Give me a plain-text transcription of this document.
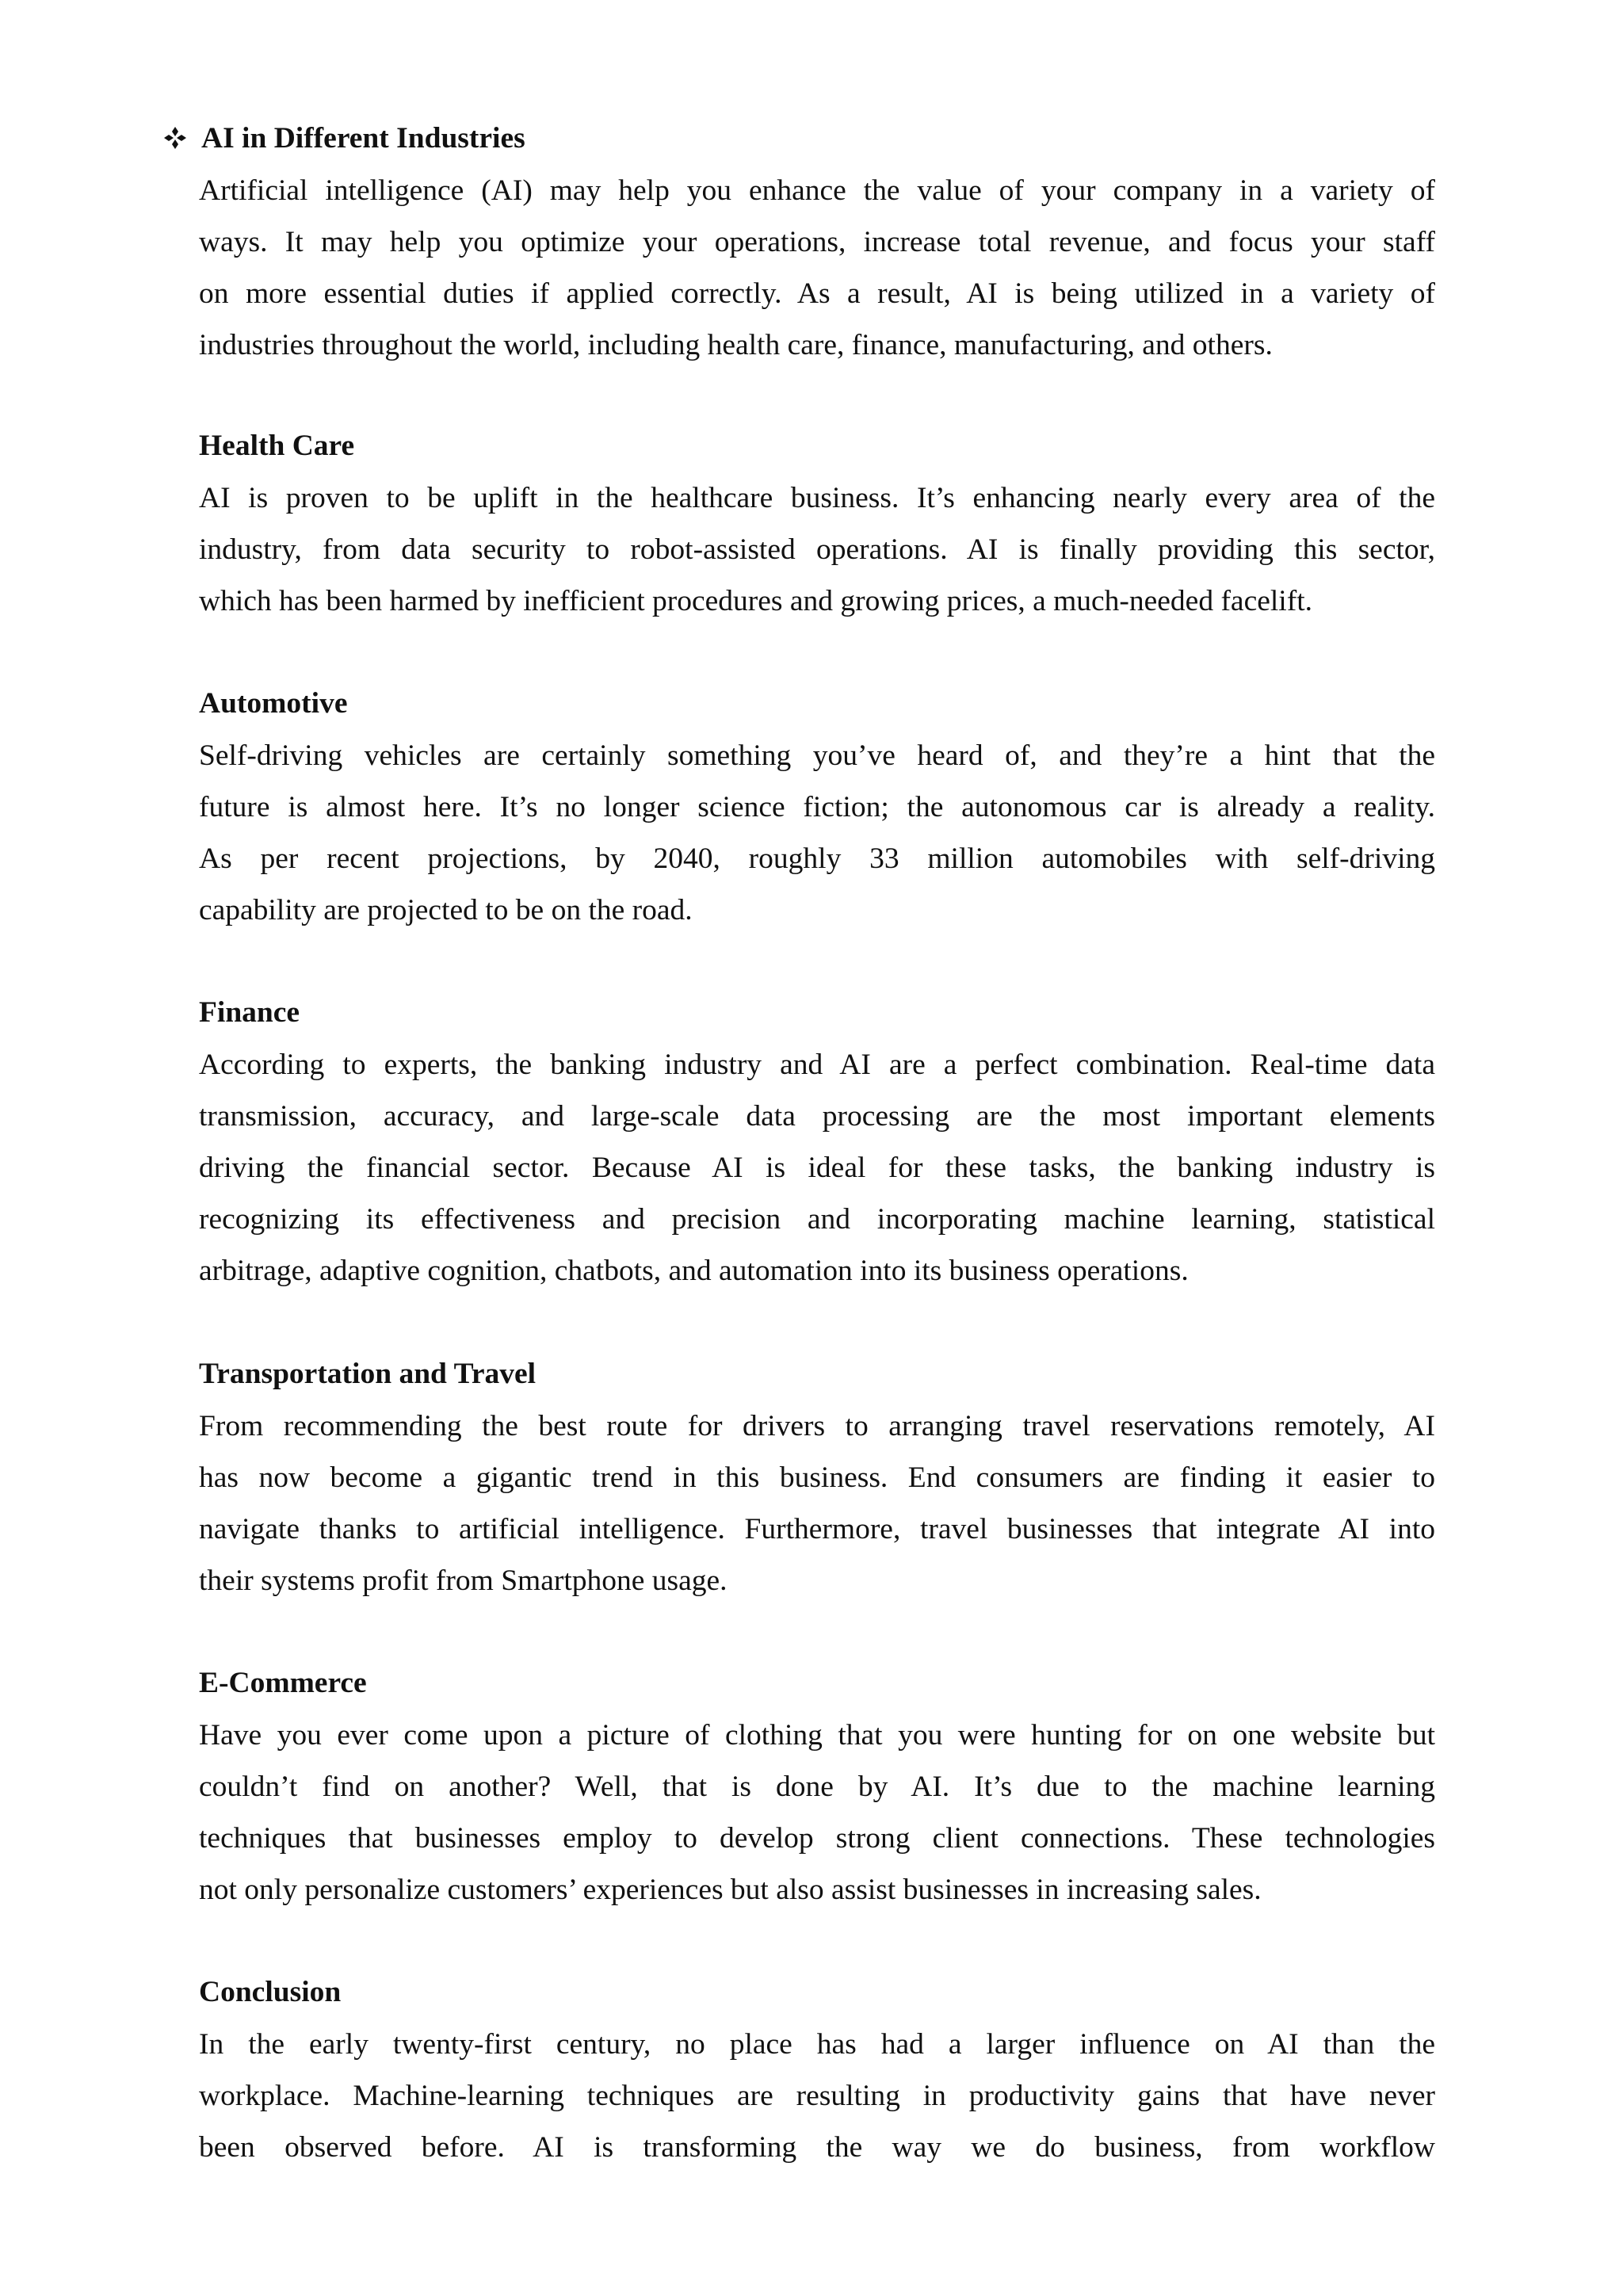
AI in Different Industries
Artificial intelligence (AI) may help you enhance the value of your company in a variety of
ways. It may help you optimize your operations, increase total revenue, and focus your staff
on more essential duties if applied correctly. As a result, AI is being utilized in a variety of
industries throughout the world, including health care, finance, manufacturing, and others.
Health Care
AI is proven to be uplift in the healthcare business. It’s enhancing nearly every area of the
industry, from data security to robot-assisted operations. AI is finally providing this sector,
which has been harmed by inefficient procedures and growing prices, a much-needed facelift.
Automotive
Self-driving vehicles are certainly something you’ve heard of, and they’re a hint that the
future is almost here. It’s no longer science fiction; the autonomous car is already a reality.
As per recent projections, by 2040, roughly 33 million automobiles with self-driving
capability are projected to be on the road.
Finance
According to experts, the banking industry and AI are a perfect combination. Real-time data
transmission, accuracy, and large-scale data processing are the most important elements
driving the financial sector. Because AI is ideal for these tasks, the banking industry is
recognizing its effectiveness and precision and incorporating machine learning, statistical
arbitrage, adaptive cognition, chatbots, and automation into its business operations.
Transportation and Travel
From recommending the best route for drivers to arranging travel reservations remotely, AI
has now become a gigantic trend in this business. End consumers are finding it easier to
navigate thanks to artificial intelligence. Furthermore, travel businesses that integrate AI into
their systems profit from Smartphone usage.
E-Commerce
Have you ever come upon a picture of clothing that you were hunting for on one website but
couldn’t find on another? Well, that is done by AI. It’s due to the machine learning
techniques that businesses employ to develop strong client connections. These technologies
not only personalize customers’ experiences but also assist businesses in increasing sales.
Conclusion
In the early twenty-first century, no place has had a larger influence on AI than the
workplace. Machine-learning techniques are resulting in productivity gains that have never
been observed before. AI is transforming the way we do business, from workflow
